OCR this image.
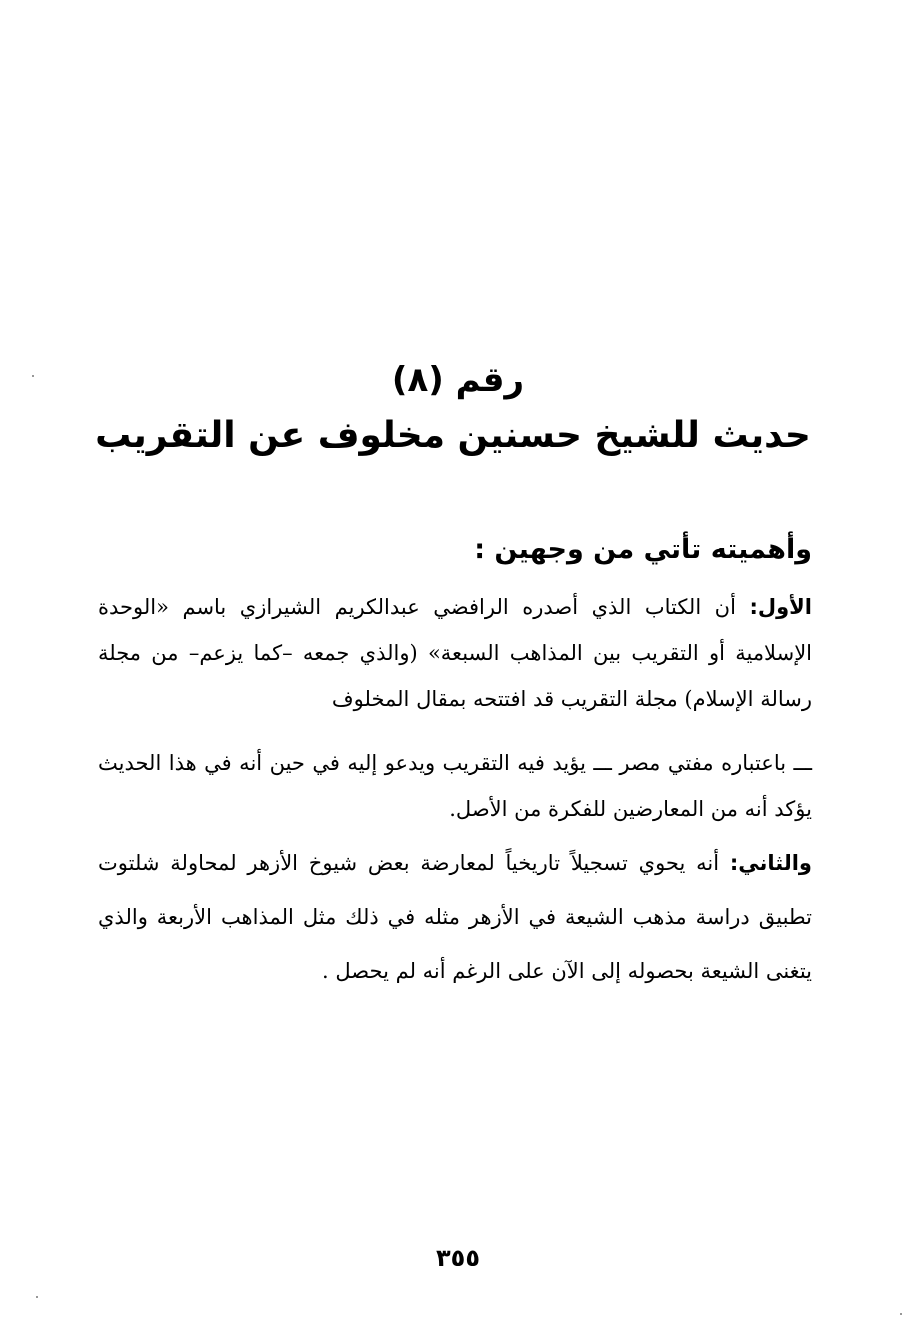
رقم (٨)

حديث للشيخ حسنين مخلوف عن التقريب

وأهميته تأتي من وجهين :

الأول: أن الكتاب الذي أصدره الرافضي عبدالكريم الشيرازي باسم «الوحدة الإسلامية أو التقريب بين المذاهب السبعة» (والذي جمعه –كما يزعم– من مجلة رسالة الإسلام) مجلة التقريب قد افتتحه بمقال المخلوف

ـــ باعتباره مفتي مصر ـــ يؤيد فيه التقريب ويدعو إليه في حين أنه في هذا الحديث يؤكد أنه من المعارضين للفكرة من الأصل.

والثاني: أنه يحوي تسجيلاً تاريخياً لمعارضة بعض شيوخ الأزهر لمحاولة شلتوت تطبيق دراسة مذهب الشيعة في الأزهر مثله في ذلك مثل المذاهب الأربعة والذي يتغنى الشيعة بحصوله إلى الآن على الرغم أنه لم يحصل .

٣٥٥
